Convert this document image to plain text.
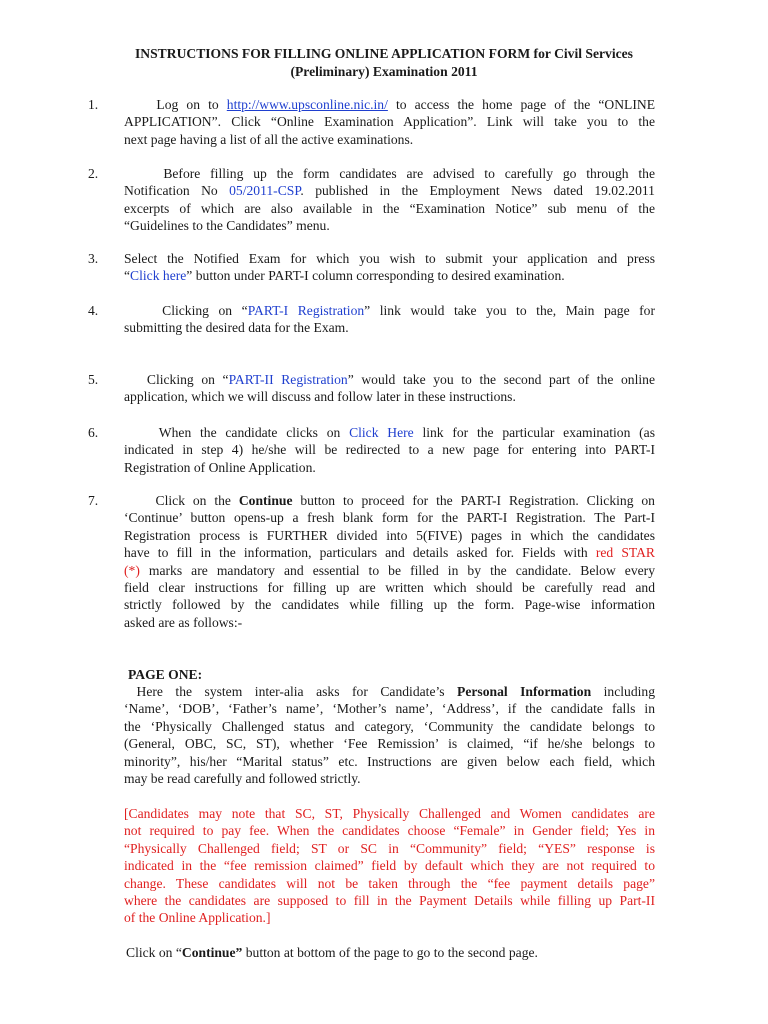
INSTRUCTIONS FOR FILLING ONLINE APPLICATION FORM for Civil Services
(Preliminary) Examination 2011
1. Log on to http://www.upsconline.nic.in/ to access the home page of the “ONLINE
APPLICATION”. Click “Online Examination Application”. Link will take you to the
next page having a list of all the active examinations.
2. Before filling up the form candidates are advised to carefully go through the
Notification No 05/2011-CSP. published in the Employment News dated 19.02.2011
excerpts of which are also available in the “Examination Notice” sub menu of the
“Guidelines to the Candidates” menu.
3. Select the Notified Exam for which you wish to submit your application and press
“Click here” button under PART-I column corresponding to desired examination.
4. Clicking on “PART-I Registration” link would take you to the, Main page for
submitting the desired data for the Exam.
5. Clicking on “PART-II Registration” would take you to the second part of the online
application, which we will discuss and follow later in these instructions.
6. When the candidate clicks on Click Here link for the particular examination (as
indicated in step 4) he/she will be redirected to a new page for entering into PART-I
Registration of Online Application.
7. Click on the Continue button to proceed for the PART-I Registration. Clicking on
‘Continue’ button opens-up a fresh blank form for the PART-I Registration. The Part-I
Registration process is FURTHER divided into 5(FIVE) pages in which the candidates
have to fill in the information, particulars and details asked for. Fields with red STAR
(*) marks are mandatory and essential to be filled in by the candidate. Below every
field clear instructions for filling up are written which should be carefully read and
strictly followed by the candidates while filling up the form. Page-wise information
asked are as follows:-
PAGE ONE:
Here the system inter-alia asks for Candidate’s Personal Information including
‘Name’, ‘DOB’, ‘Father’s name’, ‘Mother’s name’, ‘Address’, if the candidate falls in
the ‘Physically Challenged status and category, ‘Community the candidate belongs to
(General, OBC, SC, ST), whether ‘Fee Remission’ is claimed, “if he/she belongs to
minority”, his/her “Marital status” etc. Instructions are given below each field, which
may be read carefully and followed strictly.
[Candidates may note that SC, ST, Physically Challenged and Women candidates are
not required to pay fee. When the candidates choose “Female” in Gender field; Yes in
“Physically Challenged field; ST or SC in “Community” field; “YES” response is
indicated in the “fee remission claimed” field by default which they are not required to
change. These candidates will not be taken through the “fee payment details page”
where the candidates are supposed to fill in the Payment Details while filling up Part-II
of the Online Application.]
Click on “Continue” button at bottom of the page to go to the second page.
